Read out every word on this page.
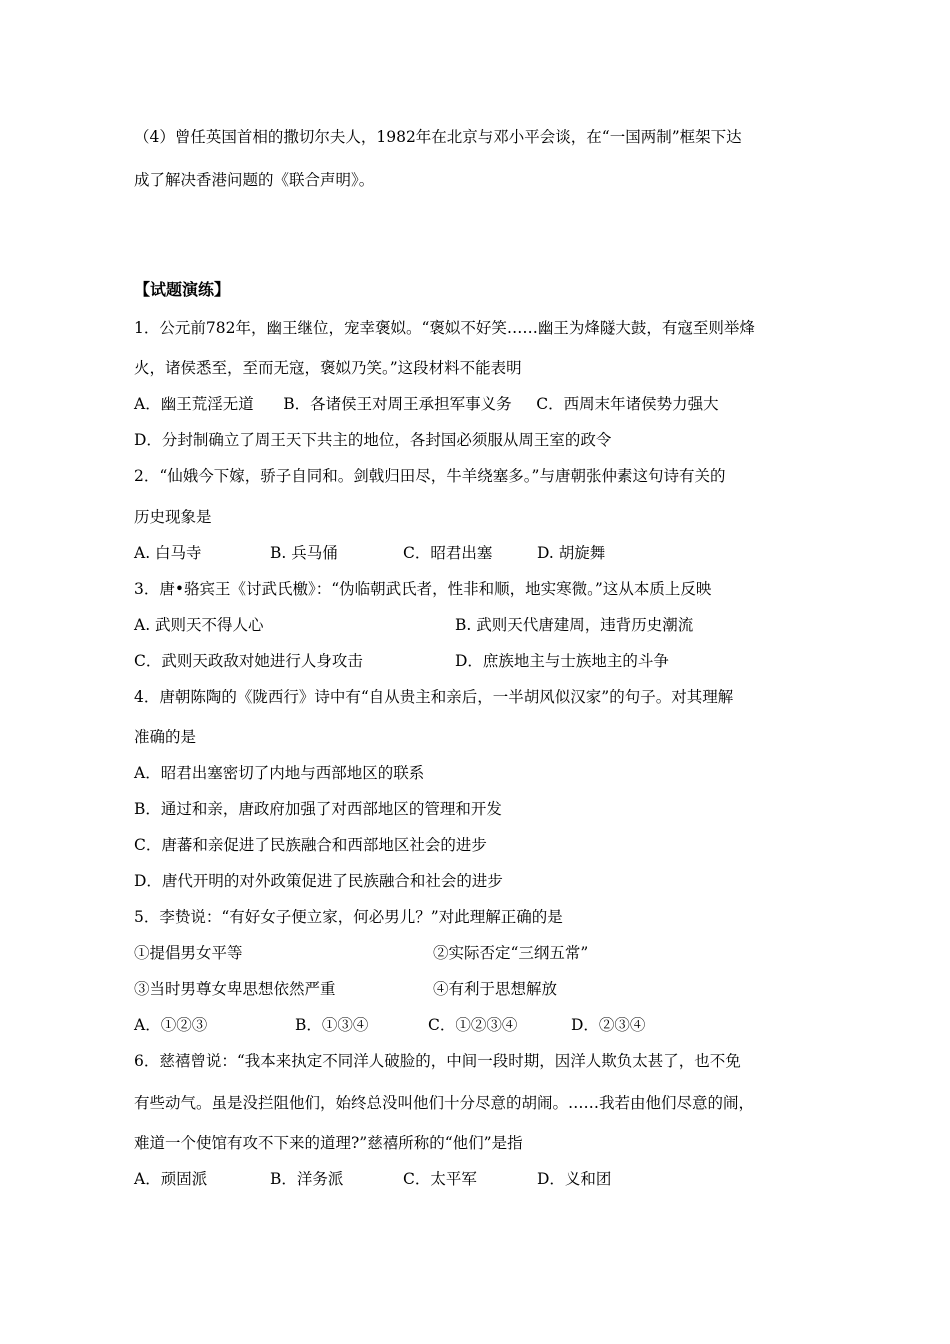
（4）曾任英国首相的撒切尔夫人，1982年在北京与邓小平会谈，在“一国两制”框架下达
成了解决香港问题的《联合声明》。
【试题演练】
1．公元前782年，幽王继位，宠幸褒姒。“褒姒不好笑……幽王为烽隧大鼓，有寇至则举烽
火，诸侯悉至，至而无寇，褒姒乃笑。”这段材料不能表明
A．幽王荒淫无道      B．各诸侯王对周王承担军事义务     C．西周末年诸侯势力强大
D．分封制确立了周王天下共主的地位，各封国必须服从周王室的政令
2．“仙娥今下嫁，骄子自同和。剑戟归田尽，牛羊绕塞多。”与唐朝张仲素这句诗有关的
历史现象是
A. 白马寺	B. 兵马俑	C．昭君出塞	D. 胡旋舞
3．唐•骆宾王《讨武氏檄》：“伪临朝武氏者，性非和顺，地实寒微。”这从本质上反映
A. 武则天不得人心	B. 武则天代唐建周，违背历史潮流
C．武则天政敌对她进行人身攻击	D．庶族地主与士族地主的斗争
4．唐朝陈陶的《陇西行》诗中有“自从贵主和亲后，一半胡风似汉家”的句子。对其理解
准确的是
A．昭君出塞密切了内地与西部地区的联系
B．通过和亲，唐政府加强了对西部地区的管理和开发
C．唐蕃和亲促进了民族融合和西部地区社会的进步
D．唐代开明的对外政策促进了民族融合和社会的进步
5．李贽说：“有好女子便立家，何必男儿？”对此理解正确的是
①提倡男女平等	②实际否定“三纲五常”
③当时男尊女卑思想依然严重	④有利于思想解放
A．①②③	B．①③④	C．①②③④	D．②③④
6．慈禧曾说：“我本来执定不同洋人破脸的，中间一段时期，因洋人欺负太甚了，也不免
有些动气。虽是没拦阻他们，始终总没叫他们十分尽意的胡闹。……我若由他们尽意的闹，
难道一个使馆有攻不下来的道理?”慈禧所称的“他们”是指
A．顽固派	B．洋务派	C．太平军	D．义和团
